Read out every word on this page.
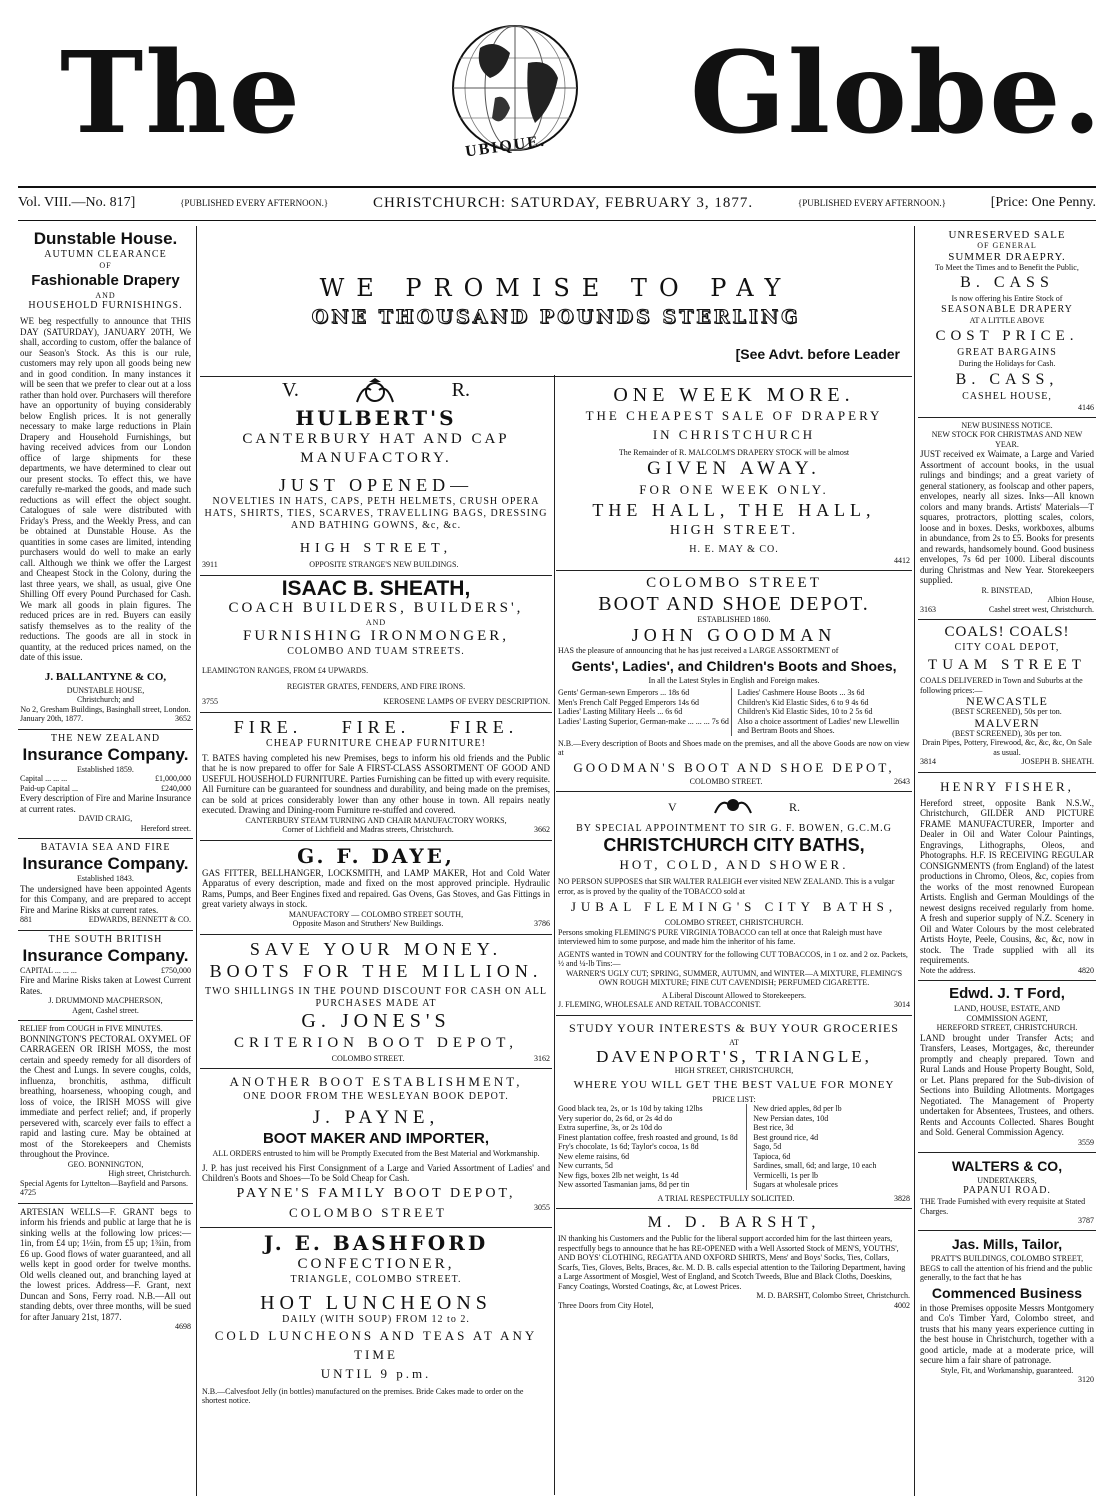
The	UBIQUE. Globe.
Vol. VIII.—No. 817]	{PUBLISHED EVERY AFTERNOON.}	CHRISTCHURCH: SATURDAY, FEBRUARY 3, 1877.	{PUBLISHED EVERY AFTERNOON.}	[Price: One Penny.
Dunstable House.
AUTUMN CLEARANCE
OF
Fashionable Drapery
AND
HOUSEHOLD FURNISHINGS.
WE beg respectfully to announce that THIS DAY (SATURDAY), JANUARY 20TH, We shall, according to custom, offer the balance of our Season's Stock. As this is our rule, customers may rely upon all goods being new and in good condition. In many instances it will be seen that we prefer to clear out at a loss rather than hold over. Purchasers will therefore have an opportunity of buying considerably below English prices. It is not generally necessary to make large reductions in Plain Drapery and Household Furnishings, but having received advices from our London office of large shipments for these departments, we have determined to clear out our present stocks. To effect this, we have carefully re-marked the goods, and made such reductions as will effect the object sought. Catalogues of sale were distributed with Friday's Press, and the Weekly Press, and can be obtained at Dunstable House. As the quantities in some cases are limited, intending purchasers would do well to make an early call. Although we think we offer the Largest and Cheapest Stock in the Colony, during the last three years, we shall, as usual, give One Shilling Off every Pound Purchased for Cash. We mark all goods in plain figures. The reduced prices are in red. Buyers can easily satisfy themselves as to the reality of the reductions. The goods are all in stock in quantity, at the reduced prices named, on the date of this issue.
J. BALLANTYNE & CO,
DUNSTABLE HOUSE,
Christchurch; and
No 2, Gresham Buildings, Basinghall street, London.
January 20th, 1877.	3652
THE NEW ZEALAND
Insurance Company.
Established 1859.
Capital ... ... ...	£1,000,000
Paid-up Capital ...	£240,000
Every description of Fire and Marine Insurance at current rates.
DAVID CRAIG,
Hereford street.
BATAVIA SEA AND FIRE
Insurance Company.
Established 1843.
The undersigned have been appointed Agents for this Company, and are prepared to accept Fire and Marine Risks at current rates.
881	EDWARDS, BENNETT & CO.
THE SOUTH BRITISH
Insurance Company.
CAPITAL ... ... ...	£750,000
Fire and Marine Risks taken at Lowest Current Rates.
J. DRUMMOND MACPHERSON,
Agent, Cashel street.
RELIEF from COUGH in FIVE MINUTES.
BONNINGTON'S PECTORAL OXYMEL OF CARRAGEEN OR IRISH MOSS, the most certain and speedy remedy for all disorders of the Chest and Lungs. In severe coughs, colds, influenza, bronchitis, asthma, difficult breathing, hoarseness, whooping cough, and loss of voice, the IRISH MOSS will give immediate and perfect relief; and, if properly persevered with, scarcely ever fails to effect a rapid and lasting cure. May be obtained at most of the Storekeepers and Chemists throughout the Province.
GEO. BONNINGTON,
High street, Christchurch.
Special Agents for Lyttelton—Bayfield and Parsons.
4725
ARTESIAN WELLS—F. GRANT begs to inform his friends and public at large that he is sinking wells at the following low prices:—1in, from £4 up; 1½in, from £5 up; 1¾in, from £6 up. Good flows of water guaranteed, and all wells kept in good order for twelve months. Old wells cleaned out, and branching layed at the lowest prices. Address—F. Grant, next Duncan and Sons, Ferry road. N.B.—All out standing debts, over three months, will be sued for after January 21st, 1877.
4698
WE PROMISE TO PAY
ONE THOUSAND POUNDS STERLING
[See Advt. before Leader
V.	R.
HULBERT'S
CANTERBURY HAT AND CAP
MANUFACTORY.
JUST OPENED—
NOVELTIES IN HATS, CAPS, PETH HELMETS, CRUSH OPERA HATS, SHIRTS, TIES, SCARVES, TRAVELLING BAGS, DRESSING AND BATHING GOWNS, &c, &c.
HIGH STREET,
3911	OPPOSITE STRANGE'S NEW BUILDINGS.
ISAAC B. SHEATH,
COACH BUILDERS, BUILDERS',
AND
FURNISHING IRONMONGER,
COLOMBO AND TUAM STREETS.
LEAMINGTON RANGES, FROM £4 UPWARDS.
REGISTER GRATES, FENDERS, AND FIRE IRONS.
3755	KEROSENE LAMPS OF EVERY DESCRIPTION.
FIRE. FIRE. FIRE.
CHEAP FURNITURE CHEAP FURNITURE!
T. BATES having completed his new Premises, begs to inform his old friends and the Public that he is now prepared to offer for Sale A FIRST-CLASS ASSORTMENT OF GOOD AND USEFUL HOUSEHOLD FURNITURE. Parties Furnishing can be fitted up with every requisite. All Furniture can be guaranteed for soundness and durability, and being made on the premises, can be sold at prices considerably lower than any other house in town. All repairs neatly executed. Drawing and Dining-room Furniture re-stuffed and covered.
CANTERBURY STEAM TURNING AND CHAIR MANUFACTORY WORKS,
Corner of Lichfield and Madras streets, Christchurch.	3662
G. F. DAYE,
GAS FITTER, BELLHANGER, LOCKSMITH, and LAMP MAKER, Hot and Cold Water Apparatus of every description, made and fixed on the most approved principle. Hydraulic Rams, Pumps, and Beer Engines fixed and repaired. Gas Ovens, Gas Stoves, and Gas Fittings in great variety always in stock.
MANUFACTORY — COLOMBO STREET SOUTH,
Opposite Mason and Struthers' New Buildings.	3786
SAVE YOUR MONEY.
BOOTS FOR THE MILLION.
TWO SHILLINGS IN THE POUND DISCOUNT FOR CASH ON ALL PURCHASES MADE AT
G. JONES'S
CRITERION BOOT DEPOT,
COLOMBO STREET.	3162
ANOTHER BOOT ESTABLISHMENT,
ONE DOOR FROM THE WESLEYAN BOOK DEPOT.
J. PAYNE,
BOOT MAKER AND IMPORTER,
ALL ORDERS entrusted to him will be Promptly Executed from the Best Material and Workmanship.
J. P. has just received his First Consignment of a Large and Varied Assortment of Ladies' and Children's Boots and Shoes—To be Sold Cheap for Cash.
PAYNE'S FAMILY BOOT DEPOT,
COLOMBO STREET	3055
J. E. BASHFORD
CONFECTIONER,
TRIANGLE, COLOMBO STREET.
HOT LUNCHEONS
DAILY (WITH SOUP) FROM 12 to 2.
COLD LUNCHEONS AND TEAS AT ANY TIME
UNTIL 9 p.m.
N.B.—Calvesfoot Jelly (in bottles) manufactured on the premises. Bride Cakes made to order on the shortest notice.
ONE WEEK MORE.
THE CHEAPEST SALE OF DRAPERY
IN CHRISTCHURCH
The Remainder of R. MALCOLM'S DRAPERY STOCK will be almost
GIVEN AWAY.
FOR ONE WEEK ONLY.
THE HALL, THE HALL,
HIGH STREET.
H. E. MAY & CO.
4412
COLOMBO STREET
BOOT AND SHOE DEPOT.
ESTABLISHED 1860.
JOHN GOODMAN
HAS the pleasure of announcing that he has just received a LARGE ASSORTMENT of
Gents', Ladies', and Children's Boots and Shoes,
In all the Latest Styles in English and Foreign makes.
Gents' German-sewn Emperors ... 18s 6d
Men's French Calf Pegged Emperors 14s 6d
Ladies' Lasting Military Heels ... 6s 6d
Ladies' Lasting Superior, German-make ... ... ... 7s 6d
Ladies' Cashmere House Boots ... 3s 6d
Children's Kid Elastic Sides, 6 to 9 4s 6d
Children's Kid Elastic Sides, 10 to 2 5s 6d
Also a choice assortment of Ladies' new Llewellin and Bertram Boots and Shoes.
N.B.—Every description of Boots and Shoes made on the premises, and all the above Goods are now on view at
GOODMAN'S BOOT AND SHOE DEPOT,
COLOMBO STREET.	2643
V	R.
BY SPECIAL APPOINTMENT TO SIR G. F. BOWEN, G.C.M.G
CHRISTCHURCH CITY BATHS,
HOT, COLD, AND SHOWER.
NO PERSON SUPPOSES that SIR WALTER RALEIGH ever visited NEW ZEALAND. This is a vulgar error, as is proved by the quality of the TOBACCO sold at
JUBAL FLEMING'S CITY BATHS,
COLOMBO STREET, CHRISTCHURCH.
Persons smoking FLEMING'S PURE VIRGINIA TOBACCO can tell at once that Raleigh must have interviewed him to some purpose, and made him the inheritor of his fame.
AGENTS wanted in TOWN and COUNTRY for the following CUT TOBACCOS, in 1 oz. and 2 oz. Packets, ½ and ¼-lb Tins:—
WARNER'S UGLY CUT; SPRING, SUMMER, AUTUMN, and WINTER—A MIXTURE, FLEMING'S OWN ROUGH MIXTURE; FINE CUT CAVENDISH; PERFUMED CIGARETTE.
A Liberal Discount Allowed to Storekeepers.
J. FLEMING, WHOLESALE AND RETAIL TOBACCONIST.	3014
STUDY YOUR INTERESTS & BUY YOUR GROCERIES
AT
DAVENPORT'S, TRIANGLE,
HIGH STREET, CHRISTCHURCH,
WHERE YOU WILL GET THE BEST VALUE FOR MONEY
PRICE LIST:
Good black tea, 2s, or 1s 10d by taking 12lbs
Very superior do, 2s 6d, or 2s 4d do
Extra superfine, 3s, or 2s 10d do
Finest plantation coffee, fresh roasted and ground, 1s 8d
Fry's chocolate, 1s 6d; Taylor's cocoa, 1s 8d
New eleme raisins, 6d
New currants, 5d
New figs, boxes 2lb net weight, 1s 4d
New assorted Tasmanian jams, 8d per tin
New dried apples, 8d per lb
New Persian dates, 10d
Best rice, 3d
Best ground rice, 4d
Sago, 5d
Tapioca, 6d
Sardines, small, 6d; and large, 10 each
Vermicelli, 1s per lb
Sugars at wholesale prices
A TRIAL RESPECTFULLY SOLICITED.	3828
M. D. BARSHT,
IN thanking his Customers and the Public for the liberal support accorded him for the last thirteen years, respectfully begs to announce that he has RE-OPENED with a Well Assorted Stock of MEN'S, YOUTHS', AND BOYS' CLOTHING, REGATTA AND OXFORD SHIRTS, Mens' and Boys' Socks, Ties, Collars, Scarfs, Ties, Gloves, Belts, Braces, &c. M. D. B. calls especial attention to the Tailoring Department, having a Large Assortment of Mosgiel, West of England, and Scotch Tweeds, Blue and Black Cloths, Doeskins, Fancy Coatings, Worsted Coatings, &c, at Lowest Prices.
M. D. BARSHT, Colombo Street, Christchurch.
Three Doors from City Hotel,	4002
UNRESERVED SALE
OF GENERAL
SUMMER DRAEPRY.
To Meet the Times and to Benefit the Public,
B. CASS
Is now offering his Entire Stock of
SEASONABLE DRAPERY
AT A LITTLE ABOVE
COST PRICE.
GREAT BARGAINS
During the Holidays for Cash.
B. CASS,
CASHEL HOUSE,
4146
NEW BUSINESS NOTICE.
NEW STOCK FOR CHRISTMAS AND NEW YEAR.
JUST received ex Waimate, a Large and Varied Assortment of account books, in the usual rulings and bindings; and a great variety of general stationery, as foolscap and other papers, envelopes, nearly all sizes. Inks—All known colors and many brands. Artists' Materials—T squares, protractors, plotting scales, colors, loose and in boxes. Desks, workboxes, albums in abundance, from 2s to £5. Books for presents and rewards, handsomely bound. Good business envelopes, 7s 6d per 1000. Liberal discounts during Christmas and New Year. Storekeepers supplied.
R. BINSTEAD,
Albion House,
3163	Cashel street west, Christchurch.
COALS! COALS!
CITY COAL DEPOT,
TUAM STREET
COALS DELIVERED in Town and Suburbs at the following prices:—
NEWCASTLE
(BEST SCREENED), 50s per ton.
MALVERN
(BEST SCREENED), 30s per ton.
Drain Pipes, Pottery, Firewood, &c, &c, &c, On Sale as usual.
3814	JOSEPH B. SHEATH.
HENRY FISHER,
Hereford street, opposite Bank N.S.W., Christchurch, GILDER AND PICTURE FRAME MANUFACTURER, Importer and Dealer in Oil and Water Colour Paintings, Engravings, Lithographs, Oleos, and Photographs. H.F. IS RECEIVING REGULAR CONSIGNMENTS (from England) of the latest productions in Chromo, Oleos, &c, copies from the works of the most renowned European Artists. English and German Mouldings of the newest designs received regularly from home. A fresh and superior supply of N.Z. Scenery in Oil and Water Colours by the most celebrated Artists Hoyte, Peele, Cousins, &c, &c, now in stock. The Trade supplied with all its requirements.
Note the address.	4820
Edwd. J. T Ford,
LAND, HOUSE, ESTATE, AND
COMMISSION AGENT,
HEREFORD STREET, CHRISTCHURCH.
LAND brought under Transfer Acts; and Transfers, Leases, Mortgages, &c, thereunder promptly and cheaply prepared. Town and Rural Lands and House Property Bought, Sold, or Let. Plans prepared for the Sub-division of Sections into Building Allotments. Mortgages Negotiated. The Management of Property undertaken for Absentees, Trustees, and others. Rents and Accounts Collected. Shares Bought and Sold. General Commission Agency.
3559
WALTERS & CO,
UNDERTAKERS,
PAPANUI ROAD.
THE Trade Furnished with every requisite at Stated Charges.
3787
Jas. Mills, Tailor,
PRATT'S BUILDINGS, COLOMBO STREET,
BEGS to call the attention of his friend and the public generally, to the fact that he has
Commenced Business
in those Premises opposite Messrs Montgomery and Co's Timber Yard, Colombo street, and trusts that his many years experience cutting in the best house in Christchurch, together with a good article, made at a moderate price, will secure him a fair share of patronage.
Style, Fit, and Workmanship, guaranteed.
3120
